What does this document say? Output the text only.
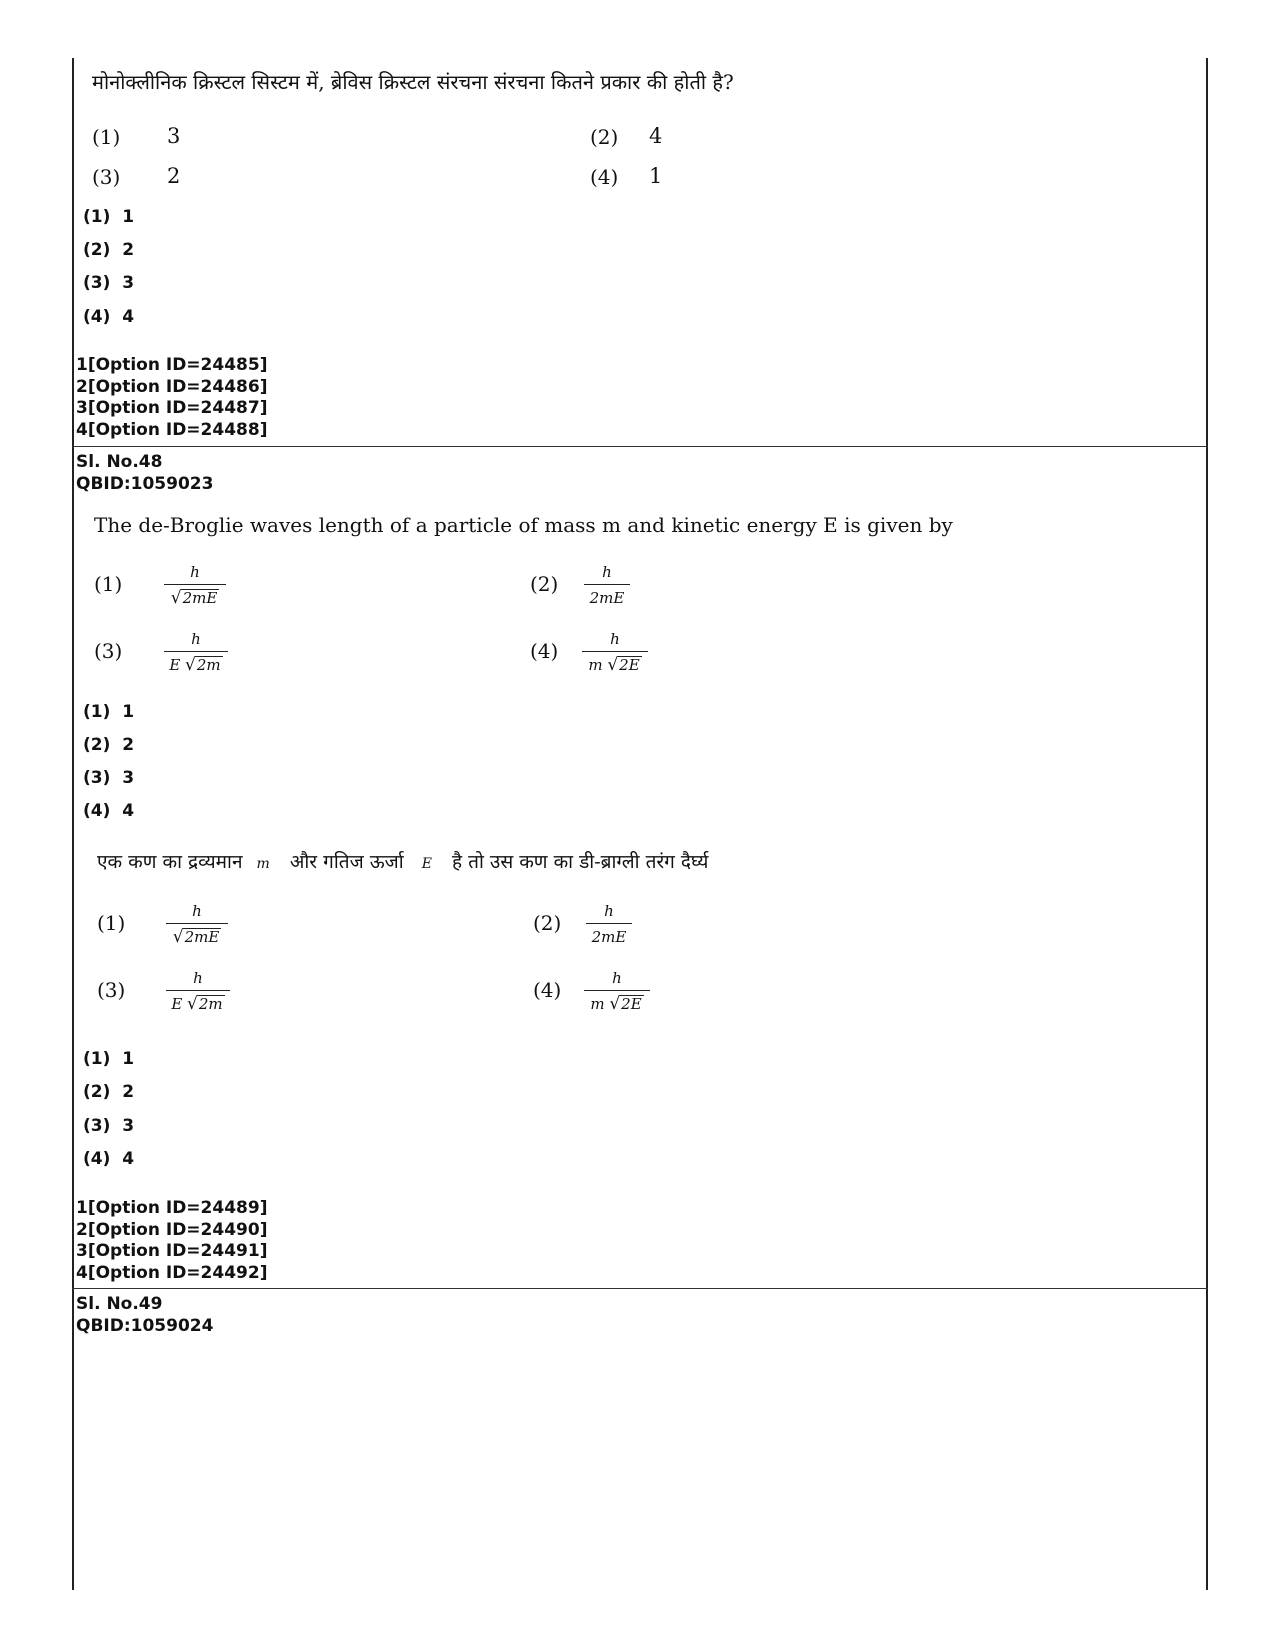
मोनोक्लीनिक क्रिस्टल सिस्टम में, ब्रेविस क्रिस्टल संरचना संरचना कितने प्रकार की होती है?
(1) 3	(2) 4
(3) 2	(4) 1
(1)  1
(2)  2
(3)  3
(4)  4
1[Option ID=24485]
2[Option ID=24486]
3[Option ID=24487]
4[Option ID=24488]
Sl. No.48
QBID:1059023
The de-Broglie waves length of a particle of mass m and kinetic energy E is given by
(1)	h
√2mE
(2)	h
2mE
(3)	h
E √2m
(4)	h
m √2E
(1)  1
(2)  2
(3)  3
(4)  4
एक कण का द्रव्यमान m और गतिज ऊर्जा E है तो उस कण का डी-ब्राग्ली तरंग दैर्घ्य
(1)	h
√2mE
(2)	h
2mE
(3)	h
E √2m
(4)	h
m √2E
(1)  1
(2)  2
(3)  3
(4)  4
1[Option ID=24489]
2[Option ID=24490]
3[Option ID=24491]
4[Option ID=24492]
Sl. No.49
QBID:1059024
